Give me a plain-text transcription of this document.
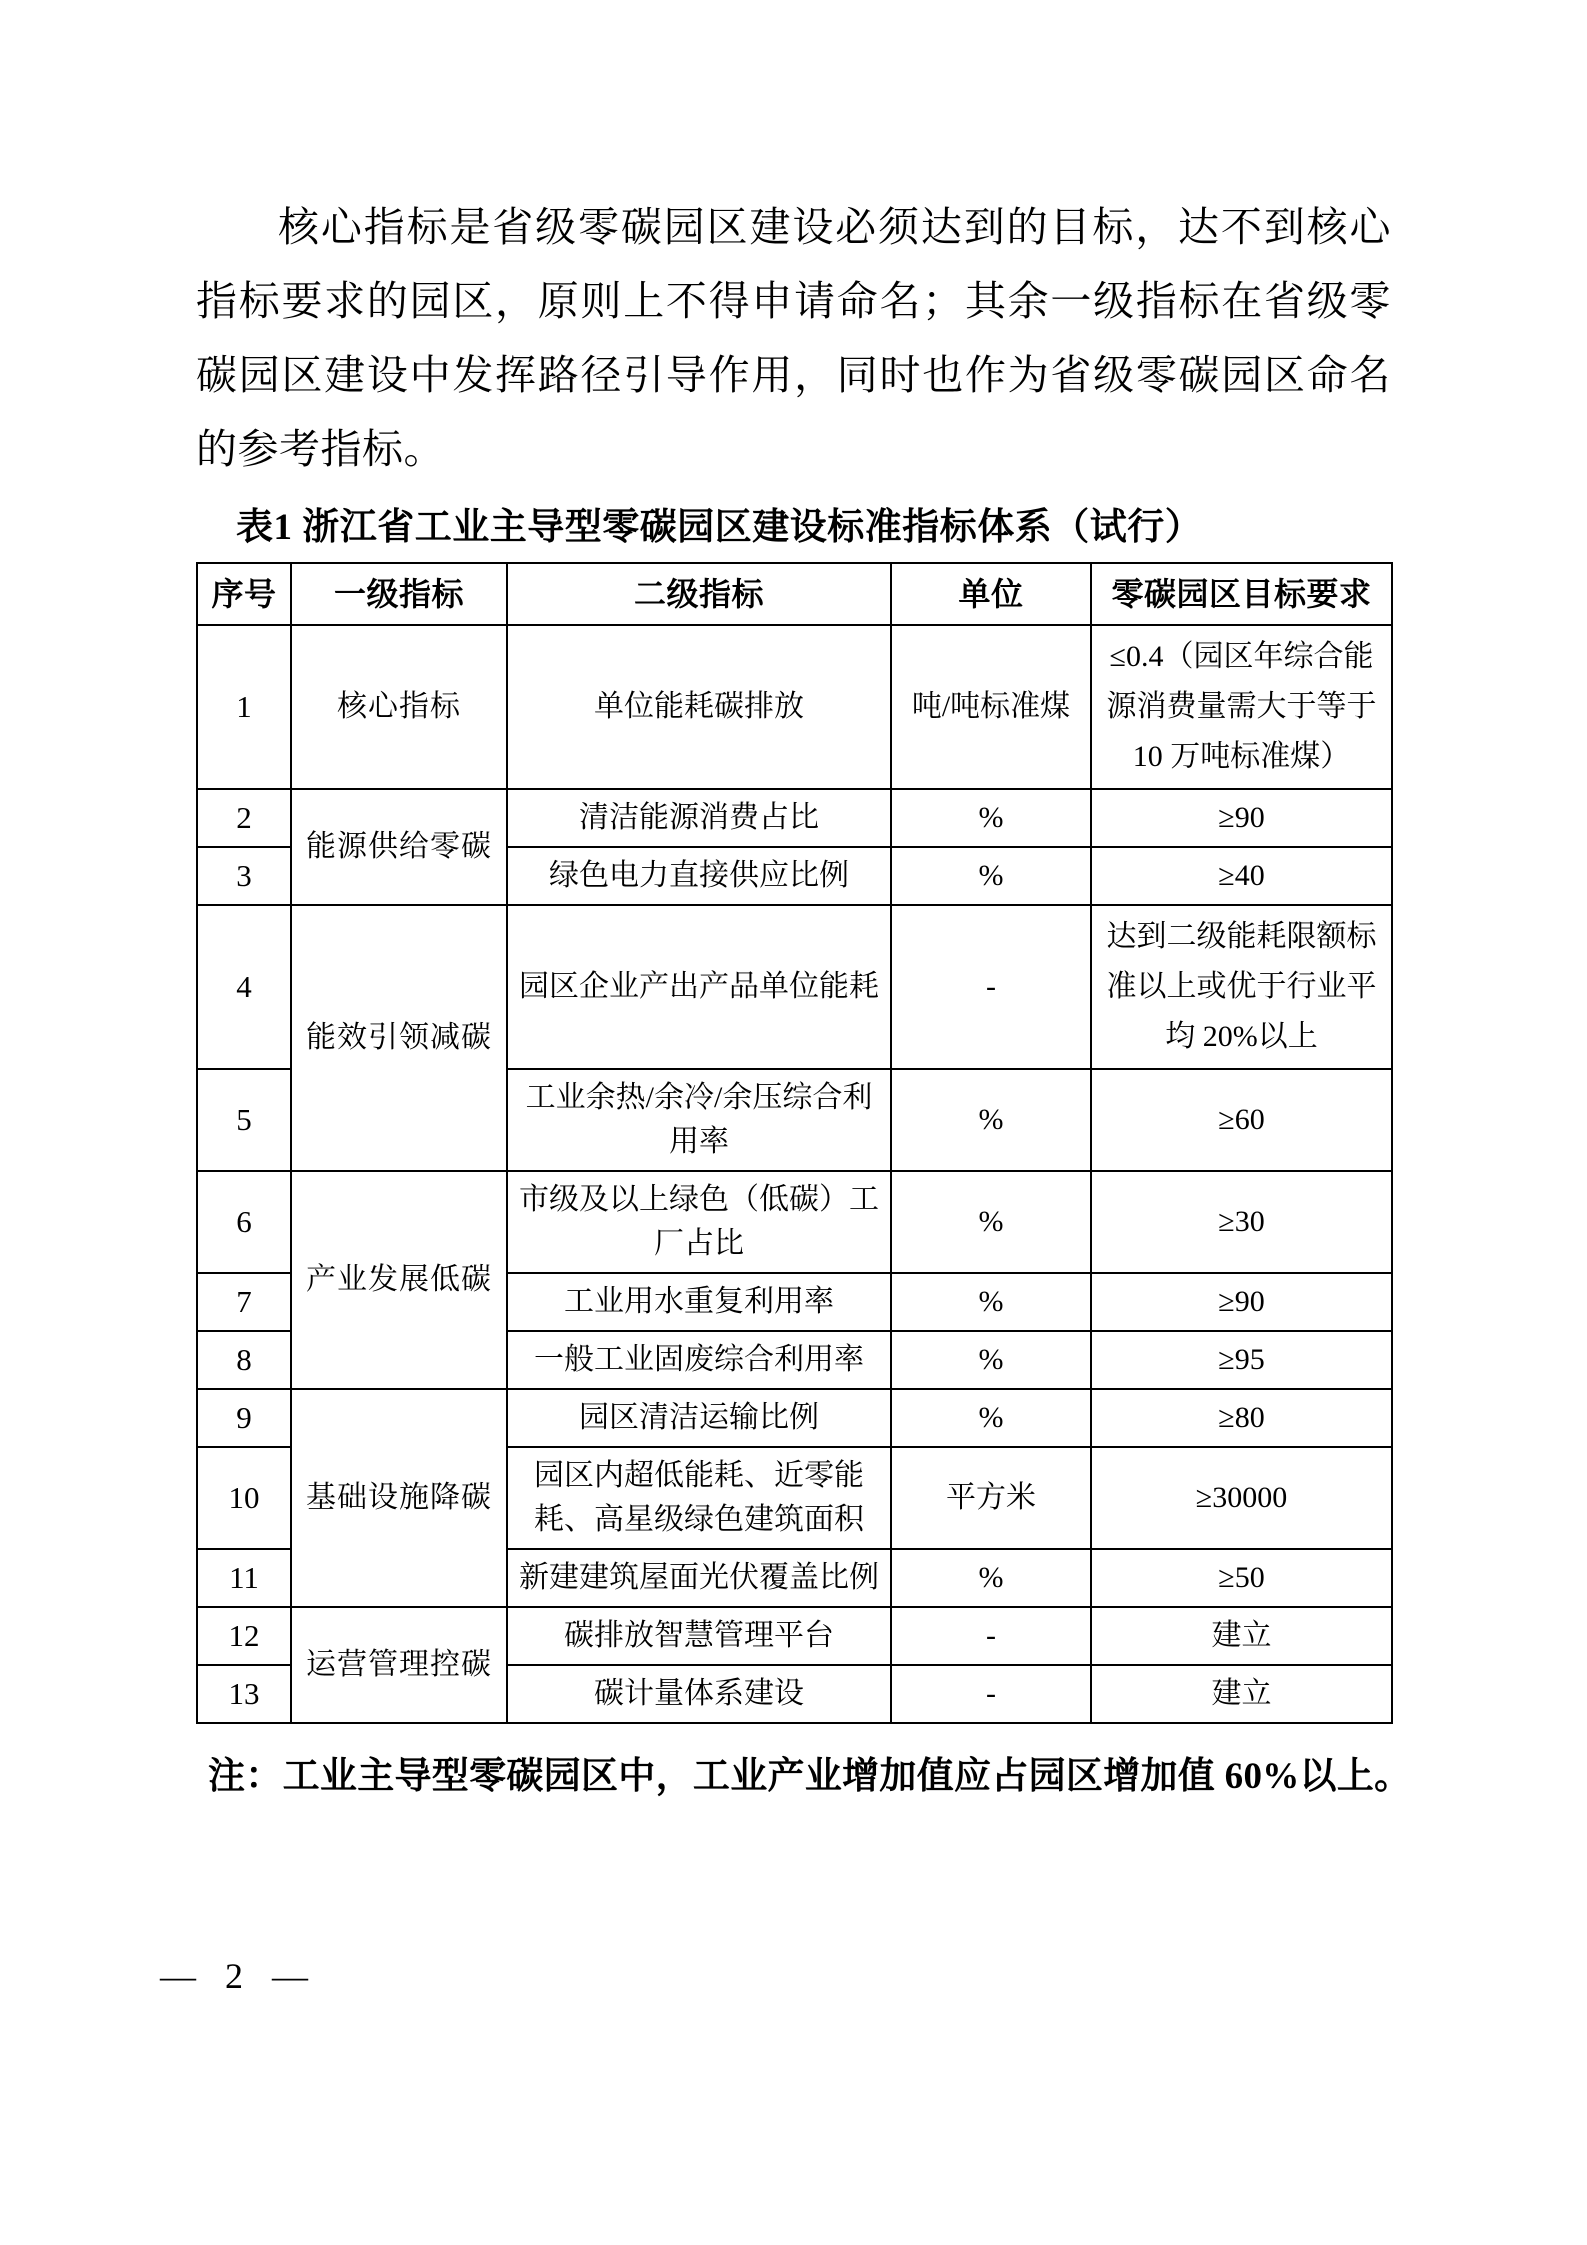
核 心 指 标 是 省 级 零 碳 园 区 建 设 必 须 达 到 的 目 标 ， 达 不 到 核 心
指 标 要 求 的 园 区 ， 原 则 上 不 得 申 请 命 名 ； 其 余 一 级 指 标 在 省 级 零
碳 园 区 建 设 中 发 挥 路 径 引 导 作 用 ， 同 时 也 作 为 省 级 零 碳 园 区 命 名
的参考指标。
表1 浙江省工业主导型零碳园区建设标准指标体系（试行）
序号	一级指标	二级指标	单位	零碳园区目标要求
1	核心指标	单位能耗碳排放	吨/吨标准煤	≤0.4（园区年综合能源消费量需大于等于 10 万吨标准煤）
2	能源供给零碳	清洁能源消费占比	%	≥90
3		绿色电力直接供应比例	%	≥40
4	能效引领减碳	园区企业产出产品单位能耗	-	达到二级能耗限额标准以上或优于行业平均 20%以上
5		工业余热/余冷/余压综合利用率	%	≥60
6	产业发展低碳	市级及以上绿色（低碳）工厂占比	%	≥30
7		工业用水重复利用率	%	≥90
8		一般工业固废综合利用率	%	≥95
9	基础设施降碳	园区清洁运输比例	%	≥80
10		园区内超低能耗、近零能耗、高星级绿色建筑面积	平方米	≥30000
11		新建建筑屋面光伏覆盖比例	%	≥50
12	运营管理控碳	碳排放智慧管理平台	-	建立
13		碳计量体系建设	-	建立
注：工业主导型零碳园区中，工业产业增加值应占园区增加值 60%以上。
— 2 —
